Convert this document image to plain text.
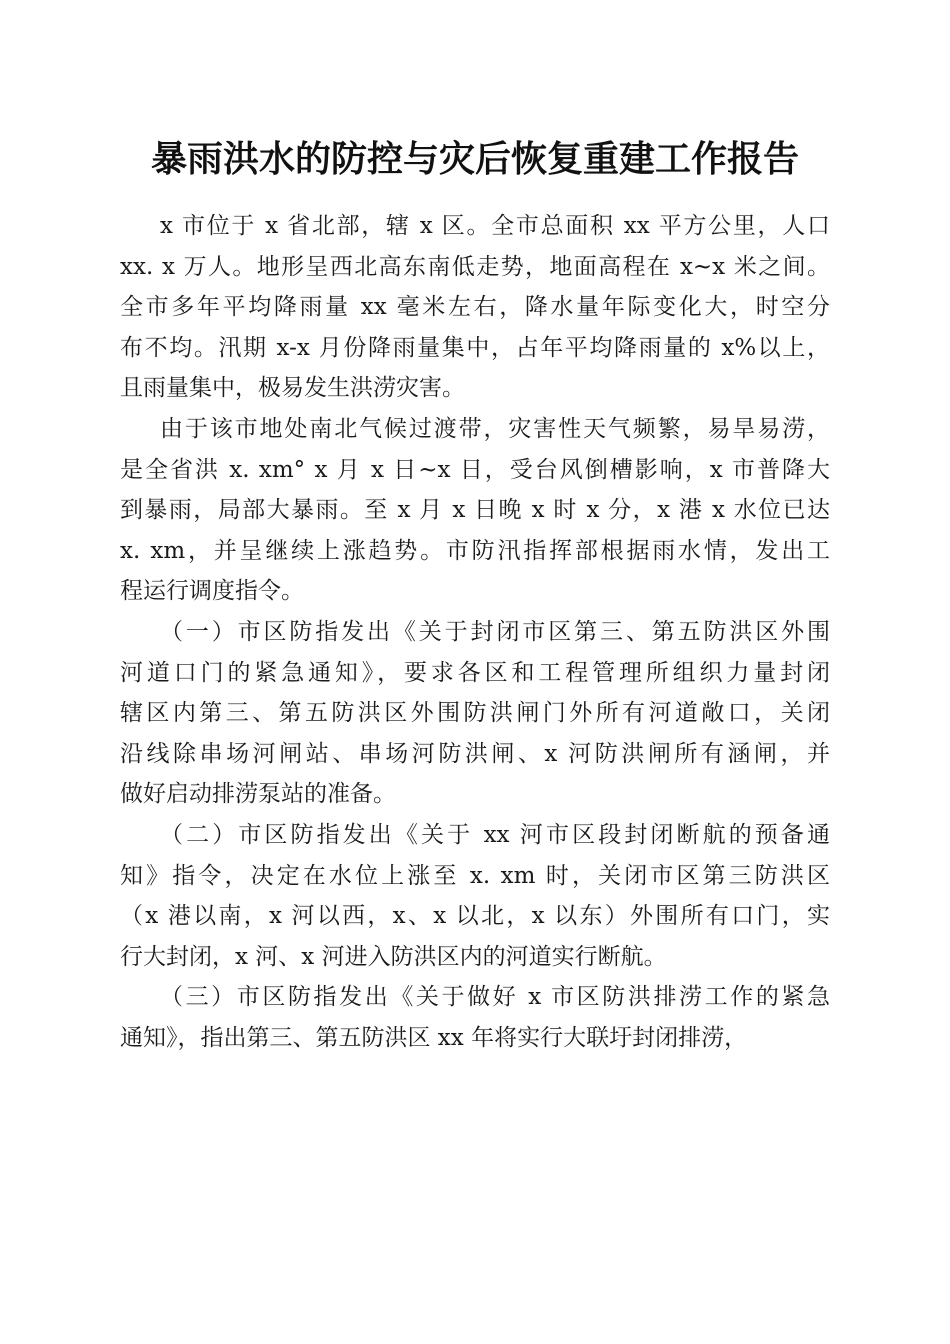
暴雨洪水的防控与灾后恢复重建工作报告

x 市位于 x 省北部，辖 x 区。全市总面积 xx 平方公里，人口
xx. x 万人。地形呈西北高东南低走势，地面高程在 x~x 米之间。
全市多年平均降雨量 xx 毫米左右，降水量年际变化大，时空分
布不均。汛期 x-x 月份降雨量集中，占年平均降雨量的 x%以上，
且雨量集中，极易发生洪涝灾害。

由于该市地处南北气候过渡带，灾害性天气频繁，易旱易涝，
是全省洪 x. xm° x 月 x 日~x 日，受台风倒槽影响，x 市普降大
到暴雨，局部大暴雨。至 x 月 x 日晚 x 时 x 分，x 港 x 水位已达
x. xm，并呈继续上涨趋势。市防汛指挥部根据雨水情，发出工
程运行调度指令。

（一）市区防指发出《关于封闭市区第三、第五防洪区外围
河道口门的紧急通知》，要求各区和工程管理所组织力量封闭
辖区内第三、第五防洪区外围防洪闸门外所有河道敞口，关闭
沿线除串场河闸站、串场河防洪闸、x 河防洪闸所有涵闸，并
做好启动排涝泵站的准备。

（二）市区防指发出《关于 xx 河市区段封闭断航的预备通
知》指令，决定在水位上涨至 x. xm 时，关闭市区第三防洪区
（x 港以南，x 河以西，x、x 以北，x 以东）外围所有口门，实
行大封闭，x 河、x 河进入防洪区内的河道实行断航。

（三）市区防指发出《关于做好 x 市区防洪排涝工作的紧急
通知》，指出第三、第五防洪区 xx 年将实行大联圩封闭排涝，
